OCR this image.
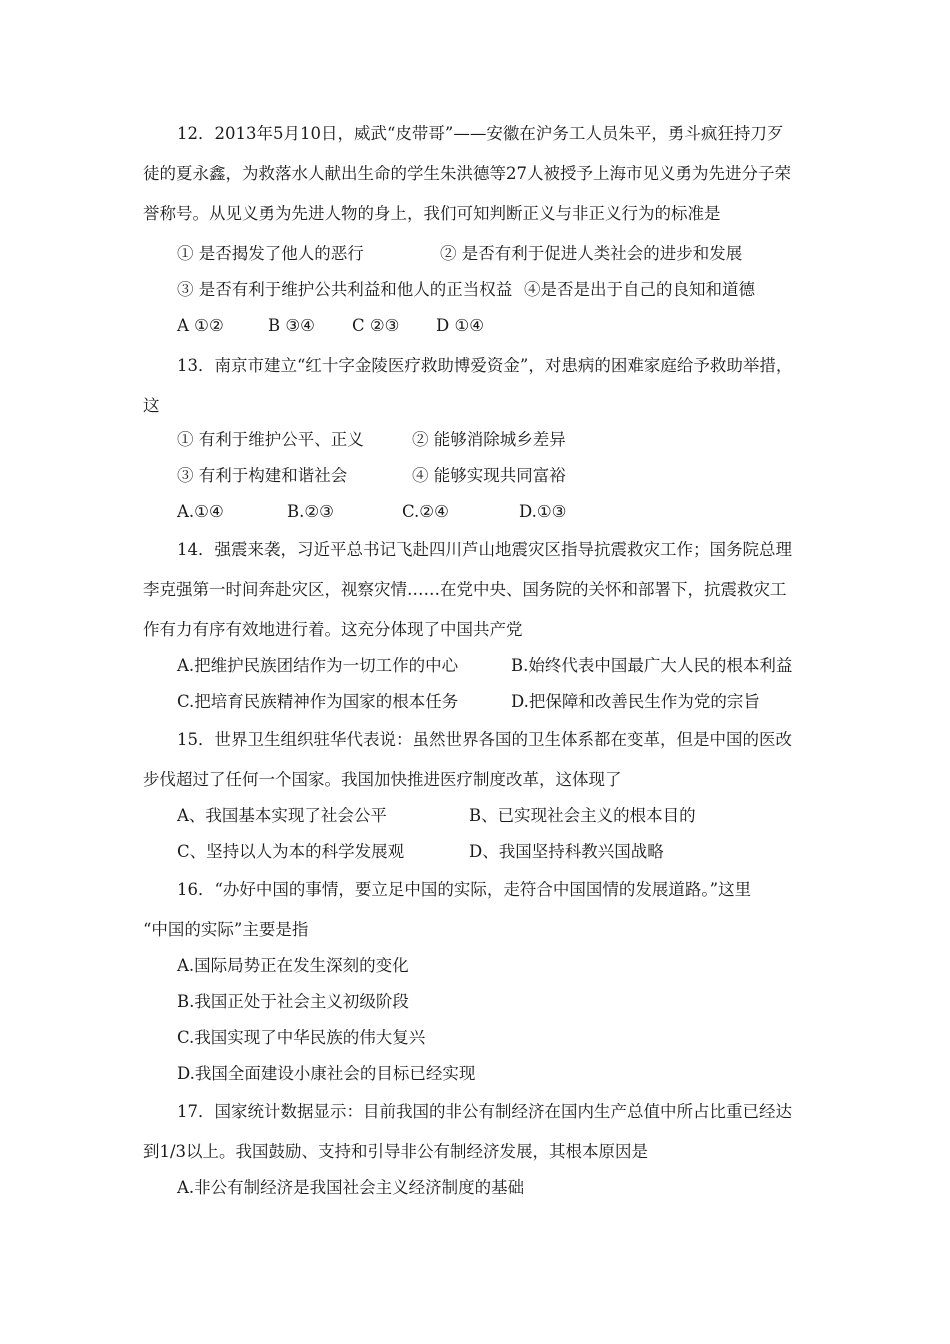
12．2013年5月10日，威武“皮带哥”——安徽在沪务工人员朱平，勇斗疯狂持刀歹
徒的夏永鑫，为救落水人献出生命的学生朱洪德等27人被授予上海市见义勇为先进分子荣
誉称号。从见义勇为先进人物的身上，我们可知判断正义与非正义行为的标准是
① 是否揭发了他人的恶行	② 是否有利于促进人类社会的进步和发展
③ 是否有利于维护公共利益和他人的正当权益 ④是否是出于自己的良知和道德
A ①②	B ③④ C ②③ D ①④
13．南京市建立“红十字金陵医疗救助博爱资金”，对患病的困难家庭给予救助举措，
这
① 有利于维护公平、正义	② 能够消除城乡差异
③ 有利于构建和谐社会	④ 能够实现共同富裕
A.①④	B.②③	C.②④	D.①③
14．强震来袭，习近平总书记飞赴四川芦山地震灾区指导抗震救灾工作；国务院总理
李克强第一时间奔赴灾区，视察灾情……在党中央、国务院的关怀和部署下，抗震救灾工
作有力有序有效地进行着。这充分体现了中国共产党
A.把维护民族团结作为一切工作的中心	B.始终代表中国最广大人民的根本利益
C.把培育民族精神作为国家的根本任务	D.把保障和改善民生作为党的宗旨
15．世界卫生组织驻华代表说：虽然世界各国的卫生体系都在变革，但是中国的医改
步伐超过了任何一个国家。我国加快推进医疗制度改革，这体现了
A、我国基本实现了社会公平	B、已实现社会主义的根本目的
C、坚持以人为本的科学发展观	D、我国坚持科教兴国战略
16．“办好中国的事情，要立足中国的实际，走符合中国国情的发展道路。”这里
“中国的实际”主要是指
A.国际局势正在发生深刻的变化
B.我国正处于社会主义初级阶段
C.我国实现了中华民族的伟大复兴
D.我国全面建设小康社会的目标已经实现
17．国家统计数据显示：目前我国的非公有制经济在国内生产总值中所占比重已经达
到1/3以上。我国鼓励、支持和引导非公有制经济发展，其根本原因是
A.非公有制经济是我国社会主义经济制度的基础
